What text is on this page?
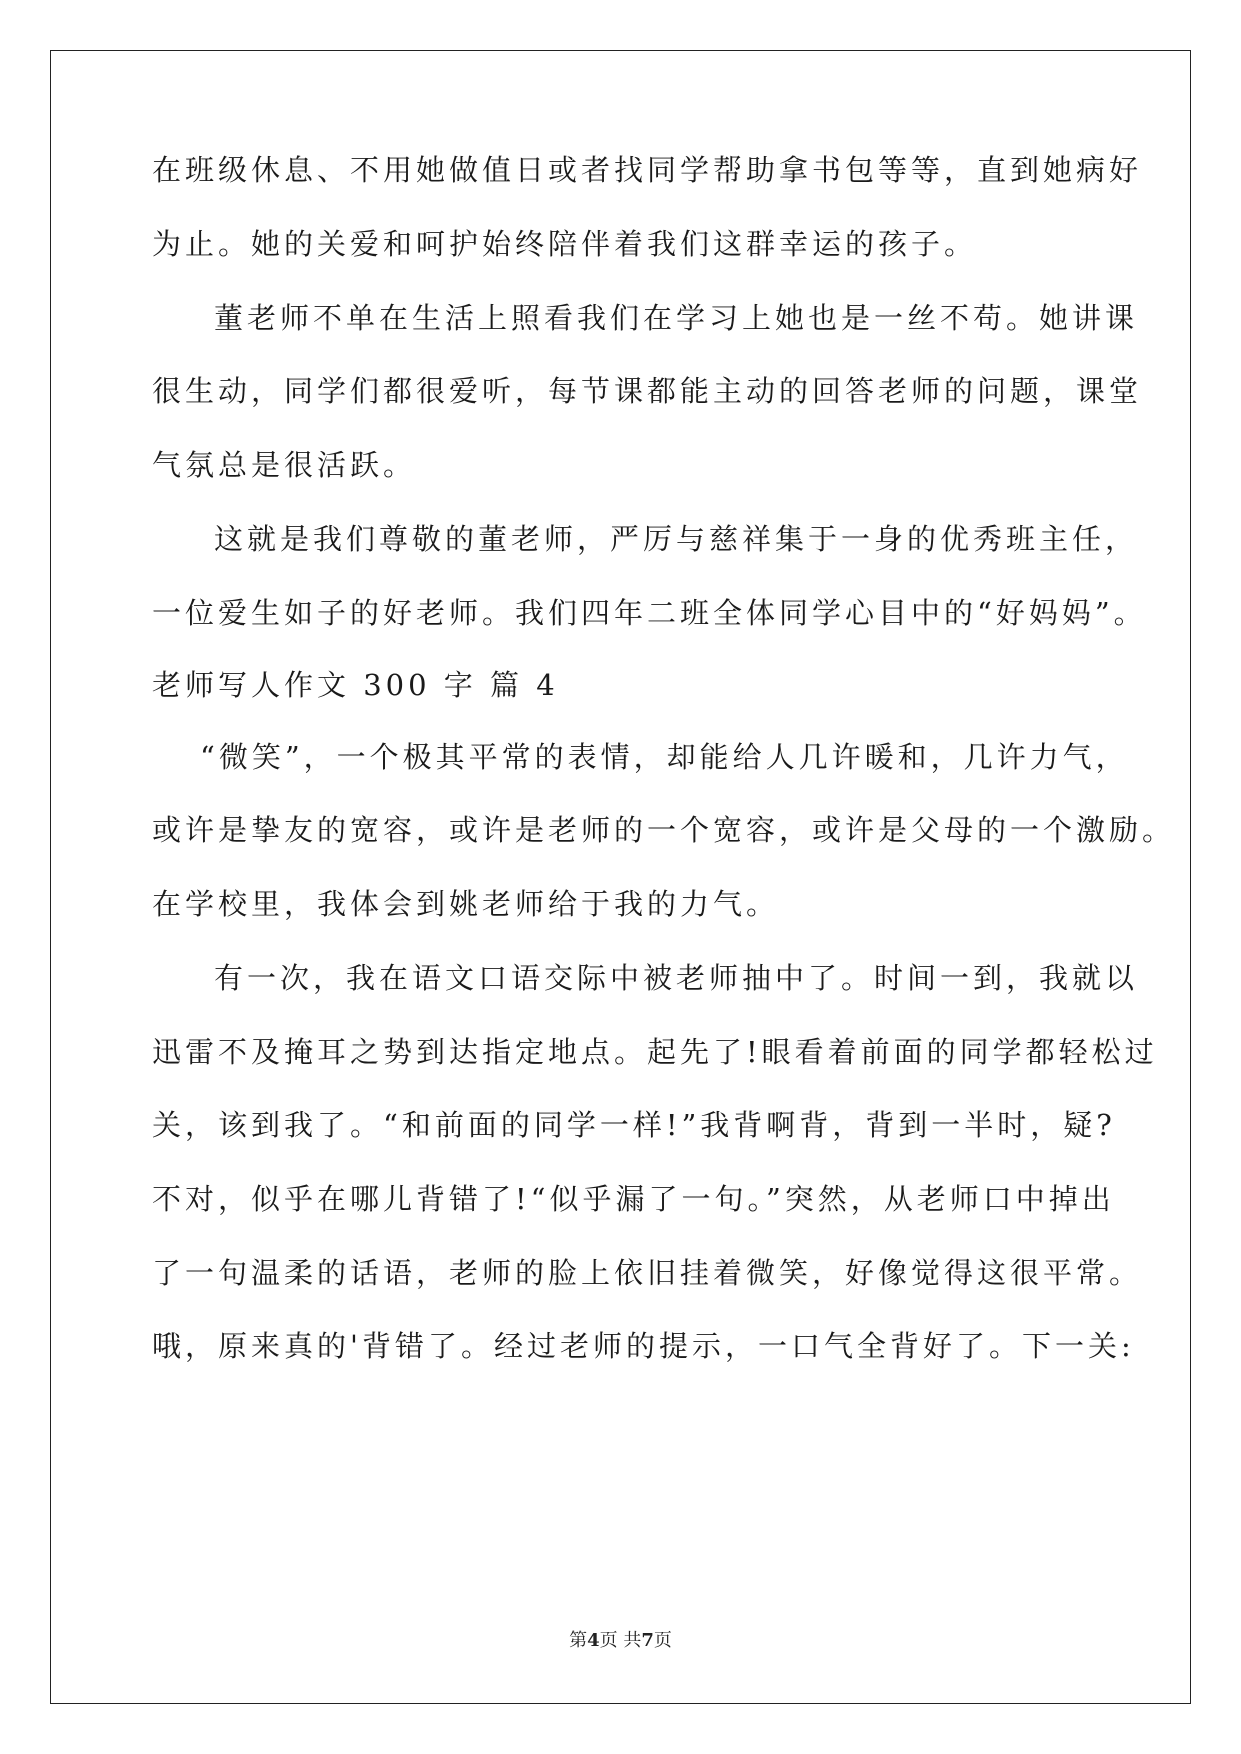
在班级休息、不用她做值日或者找同学帮助拿书包等等，直到她病好
为止。她的关爱和呵护始终陪伴着我们这群幸运的孩子。
董老师不单在生活上照看我们在学习上她也是一丝不苟。她讲课
很生动，同学们都很爱听，每节课都能主动的回答老师的问题，课堂
气氛总是很活跃。
这就是我们尊敬的董老师，严厉与慈祥集于一身的优秀班主任，
一位爱生如子的好老师。我们四年二班全体同学心目中的“好妈妈”。
老师写人作文 300 字 篇 4
“微笑”，一个极其平常的表情，却能给人几许暖和，几许力气，
或许是挚友的宽容，或许是老师的一个宽容，或许是父母的一个激励。
在学校里，我体会到姚老师给于我的力气。
有一次，我在语文口语交际中被老师抽中了。时间一到，我就以
迅雷不及掩耳之势到达指定地点。起先了!眼看着前面的同学都轻松过
关，该到我了。“和前面的同学一样!”我背啊背，背到一半时，疑?
不对，似乎在哪儿背错了!“似乎漏了一句。”突然，从老师口中掉出
了一句温柔的话语，老师的脸上依旧挂着微笑，好像觉得这很平常。
哦，原来真的'背错了。经过老师的提示，一口气全背好了。下一关:
第4页 共7页
